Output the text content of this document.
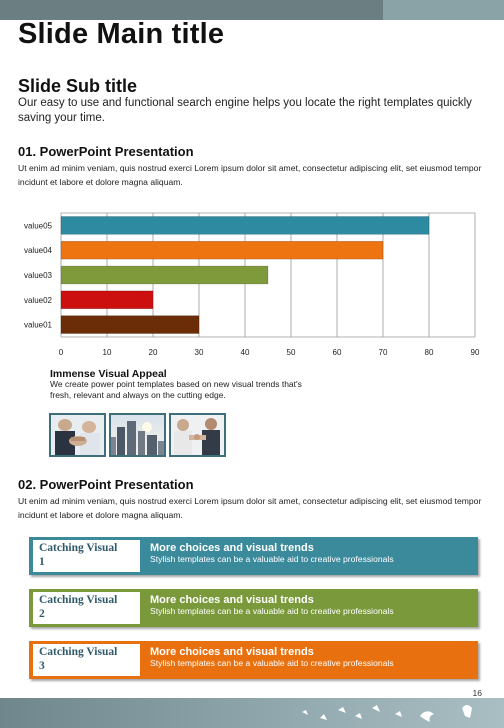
Slide Main title
Slide Sub title
Our easy to use and functional search engine helps you locate the right templates quickly saving your time.
01. PowerPoint Presentation
Ut enim ad minim veniam, quis nostrud exerci Lorem ipsum dolor sit amet, consectetur adipiscing elit, set eiusmod tempor incidunt et labore et dolore magna aliquam.
value05
value04
value03
value02
value01
0	10	20	30	40	50	60	70	80	90
Immense Visual Appeal
We create power point templates based on new visual trends that's fresh, relevant and always on the cutting edge.
02. PowerPoint Presentation
Ut enim ad minim veniam, quis nostrud exerci Lorem ipsum dolor sit amet, consectetur adipiscing elit, set eiusmod tempor incidunt et labore et dolore magna aliquam.
Catching Visual
1
More choices and visual trends
Stylish templates can be a valuable aid to creative professionals
Catching Visual
2
More choices and visual trends
Stylish templates can be a valuable aid to creative professionals
Catching Visual
3
More choices and visual trends
Stylish templates can be a valuable aid to creative professionals
16
